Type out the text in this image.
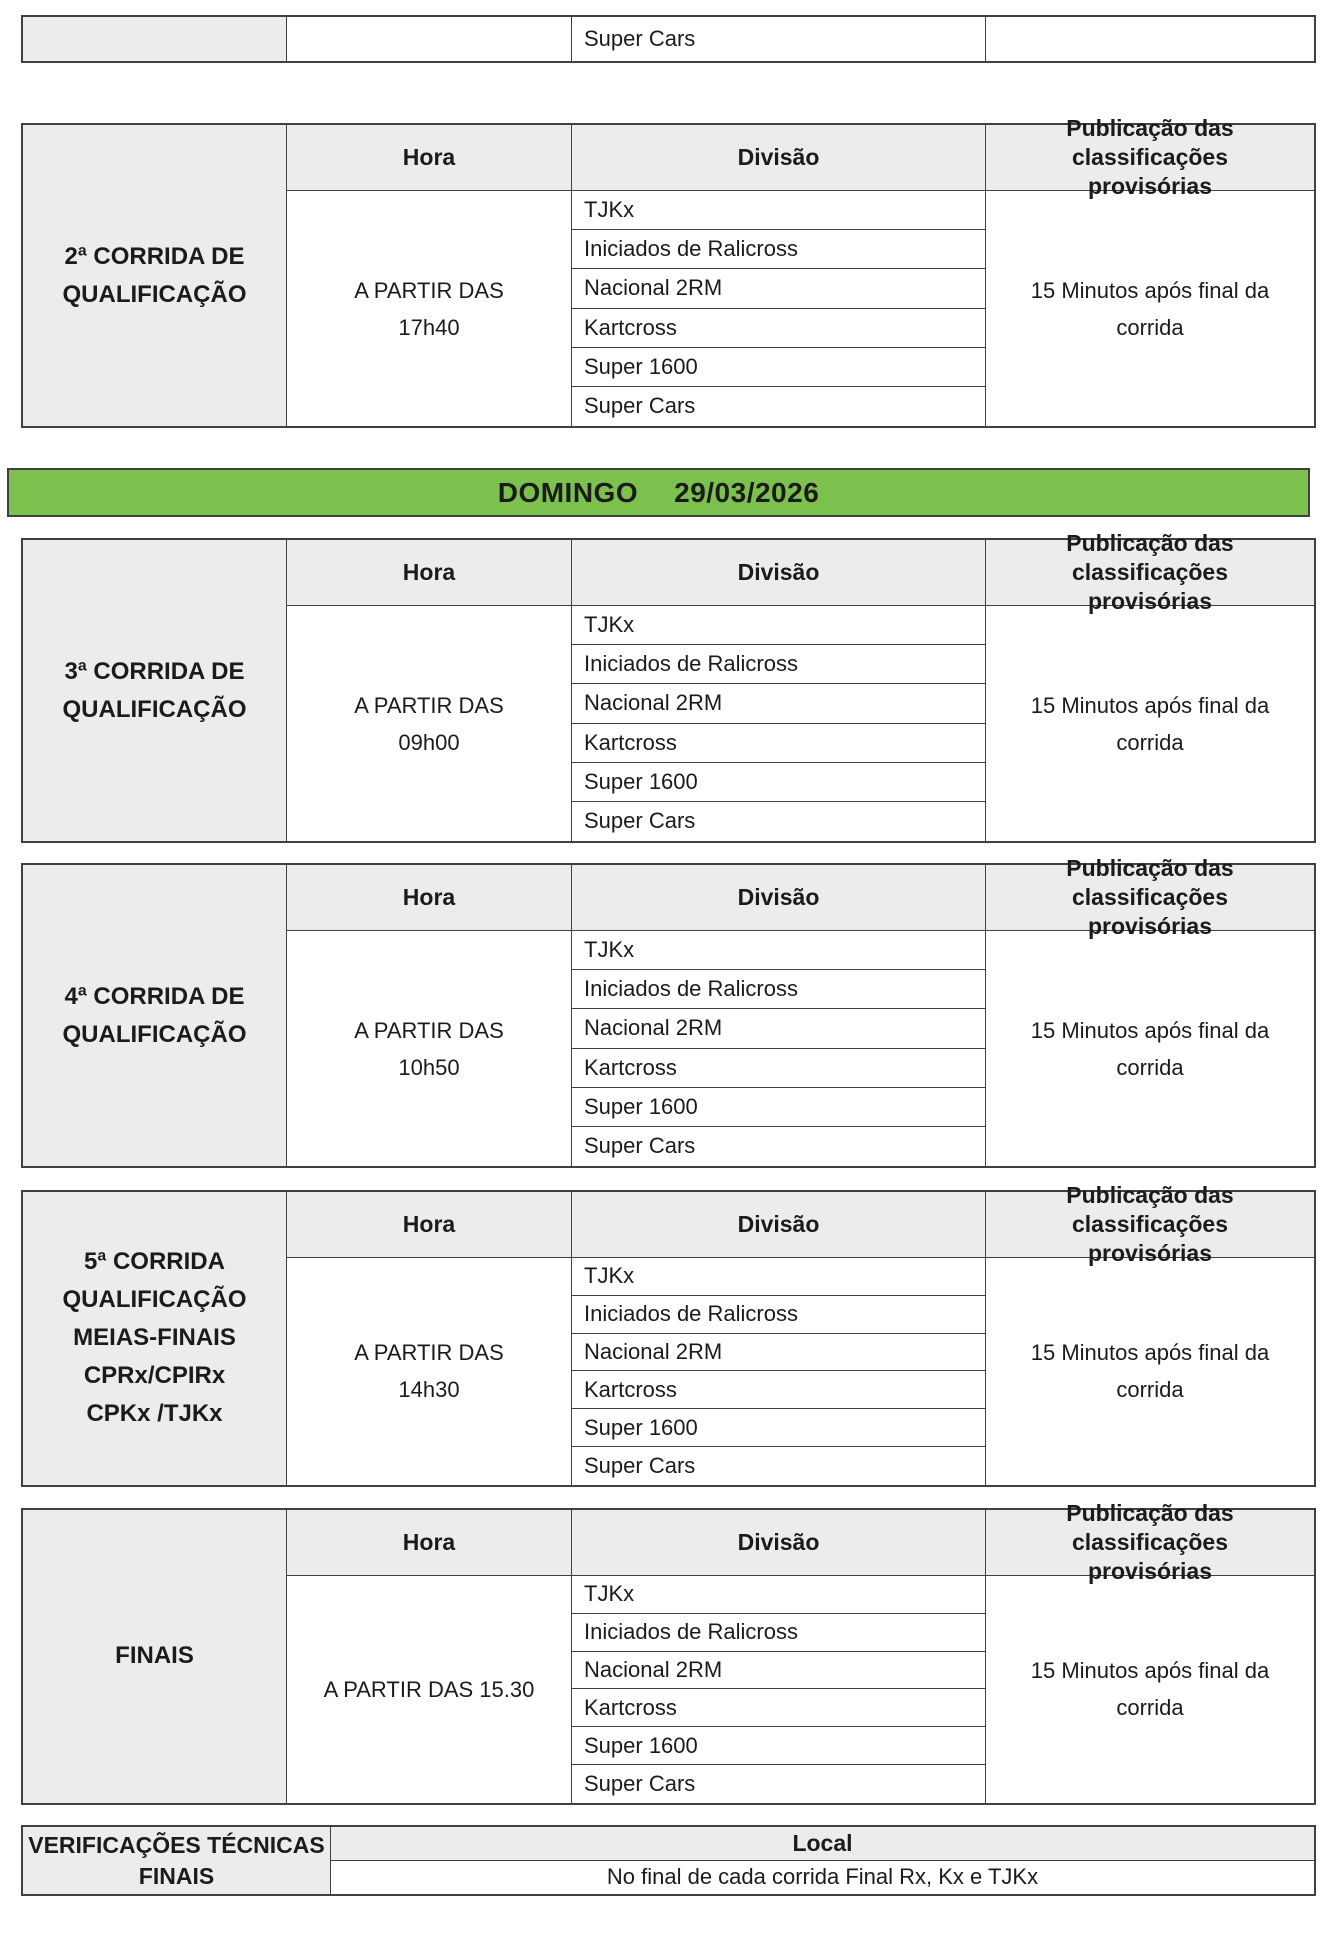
Super Cars
2ª CORRIDA DE
QUALIFICAÇÃO
Hora
A PARTIR DAS
17h40
Divisão
TJKx
Iniciados de Ralicross
Nacional 2RM
Kartcross
Super 1600
Super Cars
Publicação das classificações
provisórias
15 Minutos após final da
corrida
DOMINGO 29/03/2026
3ª CORRIDA DE
QUALIFICAÇÃO
Hora
A PARTIR DAS
09h00
Divisão
TJKx
Iniciados de Ralicross
Nacional 2RM
Kartcross
Super 1600
Super Cars
Publicação das classificações
provisórias
15 Minutos após final da
corrida
4ª CORRIDA DE
QUALIFICAÇÃO
Hora
A PARTIR DAS
10h50
Divisão
TJKx
Iniciados de Ralicross
Nacional 2RM
Kartcross
Super 1600
Super Cars
Publicação das classificações
provisórias
15 Minutos após final da
corrida
5ª CORRIDA
QUALIFICAÇÃO
MEIAS-FINAIS
CPRx/CPIRx
CPKx /TJKx
Hora
A PARTIR DAS
14h30
Divisão
TJKx
Iniciados de Ralicross
Nacional 2RM
Kartcross
Super 1600
Super Cars
Publicação das classificações
provisórias
15 Minutos após final da
corrida
FINAIS
Hora
A PARTIR DAS 15.30
Divisão
TJKx
Iniciados de Ralicross
Nacional 2RM
Kartcross
Super 1600
Super Cars
Publicação das classificações
provisórias
15 Minutos após final da
corrida
VERIFICAÇÕES TÉCNICAS
FINAIS
Local
No final de cada corrida Final Rx, Kx e TJKx
